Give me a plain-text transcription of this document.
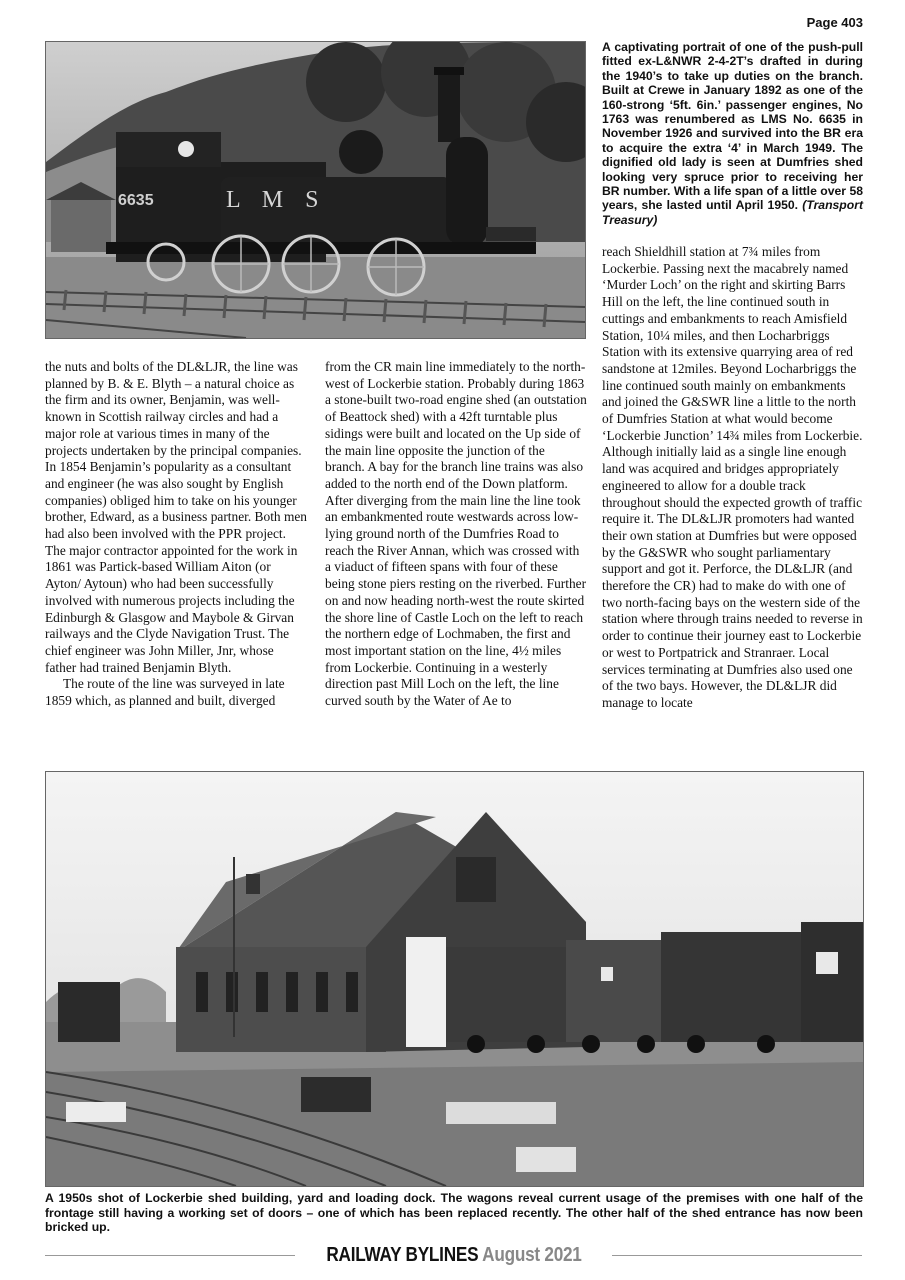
Page 403
6635	L M S
A captivating portrait of one of the push-pull fitted ex-L&NWR 2-4-2T’s drafted in during the 1940’s to take up duties on the branch. Built at Crewe in January 1892 as one of the 160-strong ‘5ft. 6in.’ passenger engines, No 1763 was renumbered as LMS No. 6635 in November 1926 and survived into the BR era to acquire the extra ‘4’ in March 1949. The dignified old lady is seen at Dumfries shed looking very spruce prior to receiving her BR number. With a life span of a little over 58 years, she lasted until April 1950. (Transport Treasury)

reach Shieldhill station at 7¾ miles from Lockerbie. Passing next the macabrely named ‘Murder Loch’ on the right and skirting Barrs Hill on the left, the line continued south in cuttings and embankments to reach Amisfield Station, 10¼ miles, and then Locharbriggs Station with its extensive quarrying area of red sandstone at 12miles. Beyond Locharbriggs the line continued south mainly on embankments and joined the G&SWR line a little to the north of Dumfries Station at what would become ‘Lockerbie Junction’ 14¾ miles from Lockerbie. Although initially laid as a single line enough land was acquired and bridges appropriately engineered to allow for a double track throughout should the expected growth of traffic require it. The DL&LJR promoters had wanted their own station at Dumfries but were opposed by the G&SWR who sought parliamentary support and got it. Perforce, the DL&LJR (and therefore the CR) had to make do with one of two north-facing bays on the western side of the station where through trains needed to reverse in order to continue their journey east to Lockerbie or west to Portpatrick and Stranraer. Local services terminating at Dumfries also used one of the two bays. However, the DL&LJR did manage to locate

the nuts and bolts of the DL&LJR, the line was planned by B. & E. Blyth – a natural choice as the firm and its owner, Benjamin, was well-known in Scottish railway circles and had a major role at various times in many of the projects undertaken by the principal companies. In 1854 Benjamin’s popularity as a consultant and engineer (he was also sought by English companies) obliged him to take on his younger brother, Edward, as a business partner. Both men had also been involved with the PPR project. The major contractor appointed for the work in 1861 was Partick-based William Aiton (or Ayton/ Aytoun) who had been successfully involved with numerous projects including the Edinburgh & Glasgow and Maybole & Girvan railways and the Clyde Navigation Trust. The chief engineer was John Miller, Jnr, whose father had trained Benjamin Blyth.

The route of the line was surveyed in late 1859 which, as planned and built, diverged

from the CR main line immediately to the north-west of Lockerbie station. Probably during 1863 a stone-built two-road engine shed (an outstation of Beattock shed) with a 42ft turntable plus sidings were built and located on the Up side of the main line opposite the junction of the branch. A bay for the branch line trains was also added to the north end of the Down platform. After diverging from the main line the line took an embankmented route westwards across low-lying ground north of the Dumfries Road to reach the River Annan, which was crossed with a viaduct of fifteen spans with four of these being stone piers resting on the riverbed. Further on and now heading north-west the route skirted the shore line of Castle Loch on the left to reach the northern edge of Lochmaben, the first and most important station on the line, 4½ miles from Lockerbie. Continuing in a westerly direction past Mill Loch on the left, the line curved south by the Water of Ae to

A 1950s shot of Lockerbie shed building, yard and loading dock. The wagons reveal current usage of the premises with one half of the frontage still having a working set of doors – one of which has been replaced recently. The other half of the shed entrance has now been bricked up.
RAILWAY BYLINES August 2021
